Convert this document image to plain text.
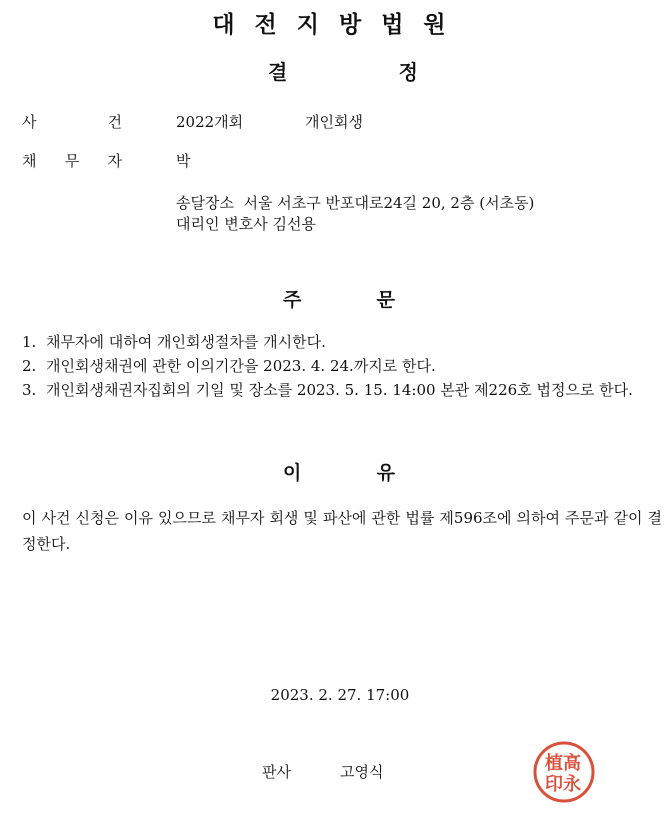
대전지방법원
결	정
사	건	2022개회	개인회생
채 무 자	박
송달장소  서울 서초구 반포대로24길 20, 2층 (서초동)
대리인 변호사 김선용
주	문
1. 채무자에 대하여 개인회생절차를 개시한다.
2. 개인회생채권에 관한 이의기간을 2023. 4. 24.까지로 한다.
3. 개인회생채권자집회의 기일 및 장소를 2023. 5. 15. 14:00 본관 제226호 법정으로 한다.
이	유

이 사건 신청은 이유 있으므로 채무자 회생 및 파산에 관한 법률 제596조에 의하여 주문과 같이 결정한다.

2023. 2. 27. 17:00
판사	고영식	高
永
植
印
